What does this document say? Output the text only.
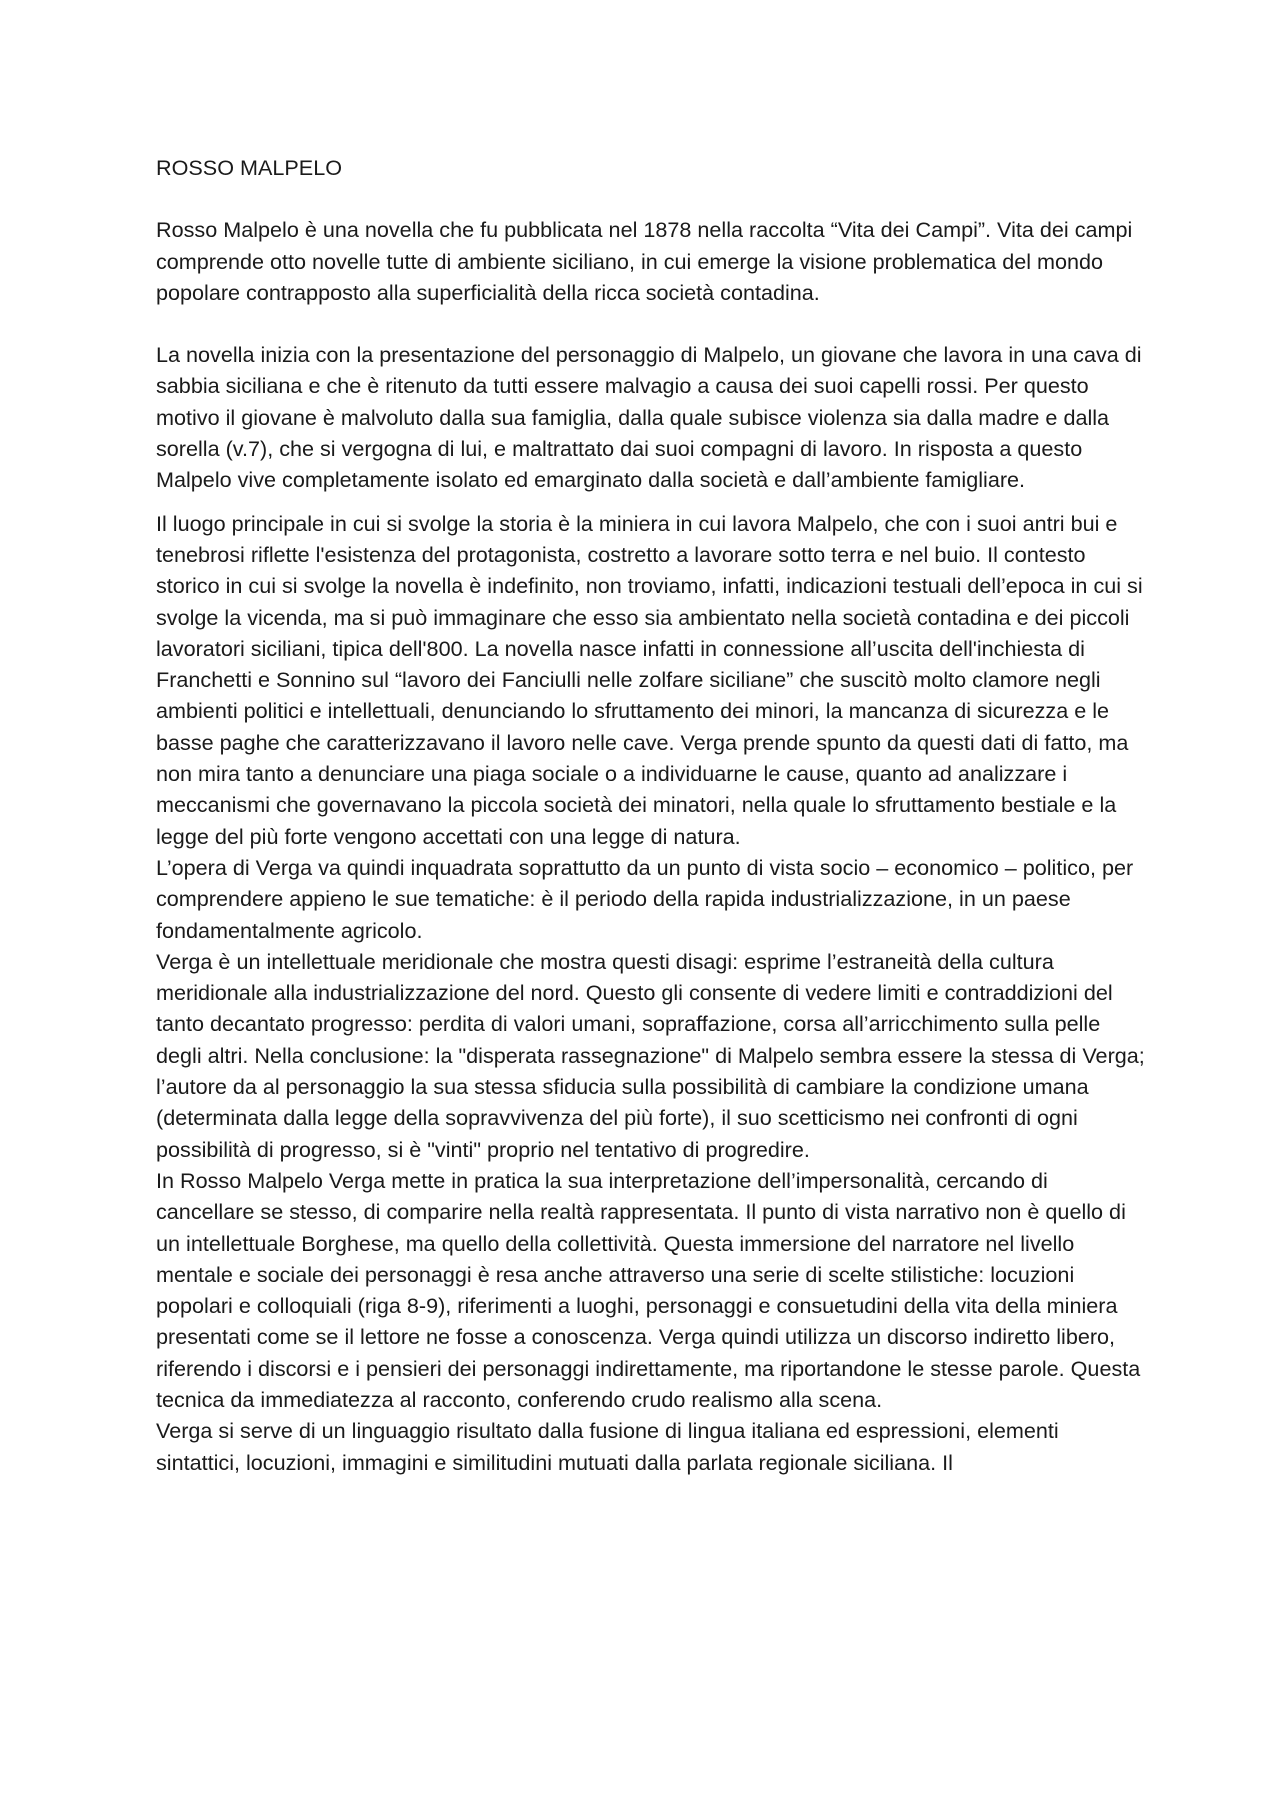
ROSSO MALPELO

Rosso Malpelo è una novella che fu pubblicata nel 1878 nella raccolta “Vita dei Campi”. Vita dei campi comprende otto novelle tutte di ambiente siciliano, in cui emerge la visione problematica del mondo popolare contrapposto alla superficialità della ricca società contadina.

La novella inizia con la presentazione del personaggio di Malpelo, un giovane che lavora in una cava di sabbia siciliana e che è ritenuto da tutti essere malvagio a causa dei suoi capelli rossi. Per questo motivo il giovane è malvoluto dalla sua famiglia, dalla quale subisce violenza sia dalla madre e dalla sorella (v.7), che si vergogna di lui, e maltrattato dai suoi compagni di lavoro. In risposta a questo Malpelo vive completamente isolato ed emarginato dalla società e dall’ambiente famigliare.

Il luogo principale in cui si svolge la storia è la miniera in cui lavora Malpelo, che con i suoi antri bui e tenebrosi riflette l'esistenza del protagonista, costretto a lavorare sotto terra e nel buio. Il contesto storico in cui si svolge la novella è indefinito, non troviamo, infatti, indicazioni testuali dell’epoca in cui si svolge la vicenda, ma si può immaginare che esso sia ambientato nella società contadina e dei piccoli lavoratori siciliani, tipica dell'800. La novella nasce infatti in connessione all’uscita dell'inchiesta di Franchetti e Sonnino sul “lavoro dei Fanciulli nelle zolfare siciliane” che suscitò molto clamore negli ambienti politici e intellettuali, denunciando lo sfruttamento dei minori, la mancanza di sicurezza e le basse paghe che caratterizzavano il lavoro nelle cave. Verga prende spunto da questi dati di fatto, ma non mira tanto a denunciare una piaga sociale o a individuarne le cause, quanto ad analizzare i meccanismi che governavano la piccola società dei minatori, nella quale lo sfruttamento bestiale e la legge del più forte vengono accettati con una legge di natura.

L’opera di Verga va quindi inquadrata soprattutto da un punto di vista socio – economico – politico, per comprendere appieno le sue tematiche: è il periodo della rapida industrializzazione, in un paese fondamentalmente agricolo.

Verga è un intellettuale meridionale che mostra questi disagi: esprime l’estraneità della cultura meridionale alla industrializzazione del nord. Questo gli consente di vedere limiti e contraddizioni del tanto decantato progresso: perdita di valori umani, sopraffazione, corsa all’arricchimento sulla pelle degli altri. Nella conclusione: la "disperata rassegnazione" di Malpelo sembra essere la stessa di Verga; l’autore da al personaggio la sua stessa sfiducia sulla possibilità di cambiare la condizione umana (determinata dalla legge della sopravvivenza del più forte), il suo scetticismo nei confronti di ogni possibilità di progresso, si è "vinti" proprio nel tentativo di progredire.

In Rosso Malpelo Verga mette in pratica la sua interpretazione dell’impersonalità, cercando di cancellare se stesso, di comparire nella realtà rappresentata. Il punto di vista narrativo non è quello di un intellettuale Borghese, ma quello della collettività. Questa immersione del narratore nel livello mentale e sociale dei personaggi è resa anche attraverso una serie di scelte stilistiche: locuzioni popolari e colloquiali (riga 8-9), riferimenti a luoghi, personaggi e consuetudini della vita della miniera presentati come se il lettore ne fosse a conoscenza. Verga quindi utilizza un discorso indiretto libero, riferendo i discorsi e i pensieri dei personaggi indirettamente, ma riportandone le stesse parole. Questa tecnica da immediatezza al racconto, conferendo crudo realismo alla scena.

Verga si serve di un linguaggio risultato dalla fusione di lingua italiana ed espressioni, elementi sintattici, locuzioni, immagini e similitudini mutuati dalla parlata regionale siciliana. Il
